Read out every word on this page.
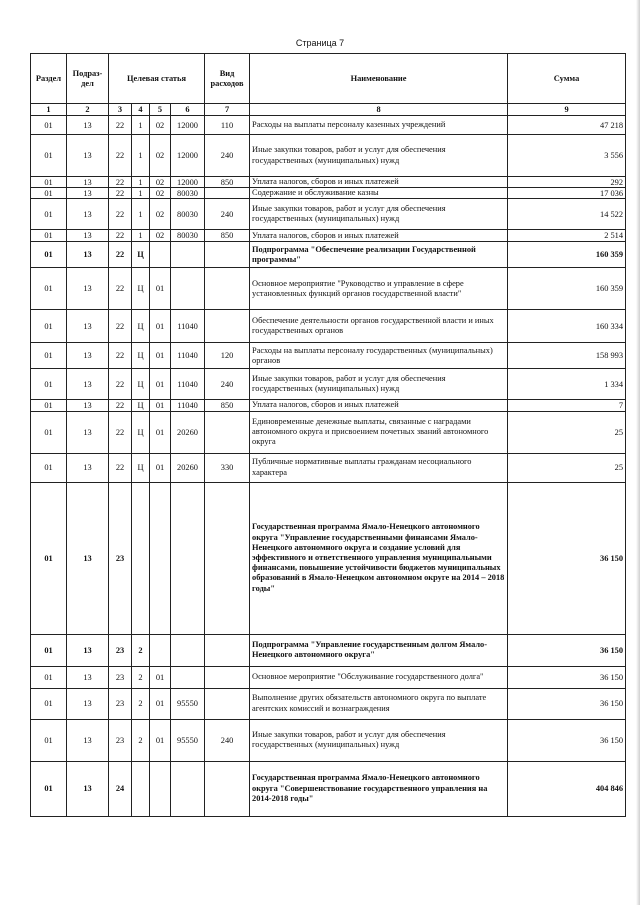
Страница 7
Раздел	Подраз-дел	Целевая статья				Вид расходов	Наименование	Сумма
1	2	3	4	5	6	7	8	9
01	13	22	1	02	12000	110	Расходы на выплаты персоналу казенных учреждений	47 218
01	13	22	1	02	12000	240	Иные закупки товаров, работ и услуг для обеспечения государственных (муниципальных) нужд	3 556
01	13	22	1	02	12000	850	Уплата налогов, сборов и иных платежей	292
01	13	22	1	02	80030		Содержание и обслуживание казны	17 036
01	13	22	1	02	80030	240	Иные закупки товаров, работ и услуг для обеспечения государственных (муниципальных) нужд	14 522
01	13	22	1	02	80030	850	Уплата налогов, сборов и иных платежей	2 514
01	13	22	Ц				Подпрограмма "Обеспечение реализации Государственной программы"	160 359
01	13	22	Ц	01			Основное мероприятие "Руководство и управление в сфере установленных функций органов государственной власти"	160 359
01	13	22	Ц	01	11040		Обеспечение деятельности органов государственной власти и иных государственных органов	160 334
01	13	22	Ц	01	11040	120	Расходы на выплаты персоналу государственных (муниципальных) органов	158 993
01	13	22	Ц	01	11040	240	Иные закупки товаров, работ и услуг для обеспечения государственных (муниципальных) нужд	1 334
01	13	22	Ц	01	11040	850	Уплата налогов, сборов и иных платежей	7
01	13	22	Ц	01	20260		Единовременные денежные выплаты, связанные с наградами автономного округа и присвоением почетных званий автономного округа	25
01	13	22	Ц	01	20260	330	Публичные нормативные выплаты гражданам несоциального характера	25
01	13	23					Государственная программа Ямало-Ненецкого автономного округа "Управление государственными финансами Ямало-Ненецкого автономного округа и создание условий для эффективного и ответственного управления муниципальными финансами, повышение устойчивости бюджетов муниципальных образований в Ямало-Ненецком автономном округе на 2014 – 2018 годы"	36 150
01	13	23	2				Подпрограмма "Управление государственным долгом Ямало-Ненецкого автономного округа"	36 150
01	13	23	2	01			Основное мероприятие "Обслуживание государственного долга"	36 150
01	13	23	2	01	95550		Выполнение других обязательств автономного округа по выплате агентских комиссий и вознаграждения	36 150
01	13	23	2	01	95550	240	Иные закупки товаров, работ и услуг для обеспечения государственных (муниципальных) нужд	36 150
01	13	24					Государственная программа Ямало-Ненецкого автономного округа "Совершенствование государственного управления на 2014-2018 годы"	404 846
